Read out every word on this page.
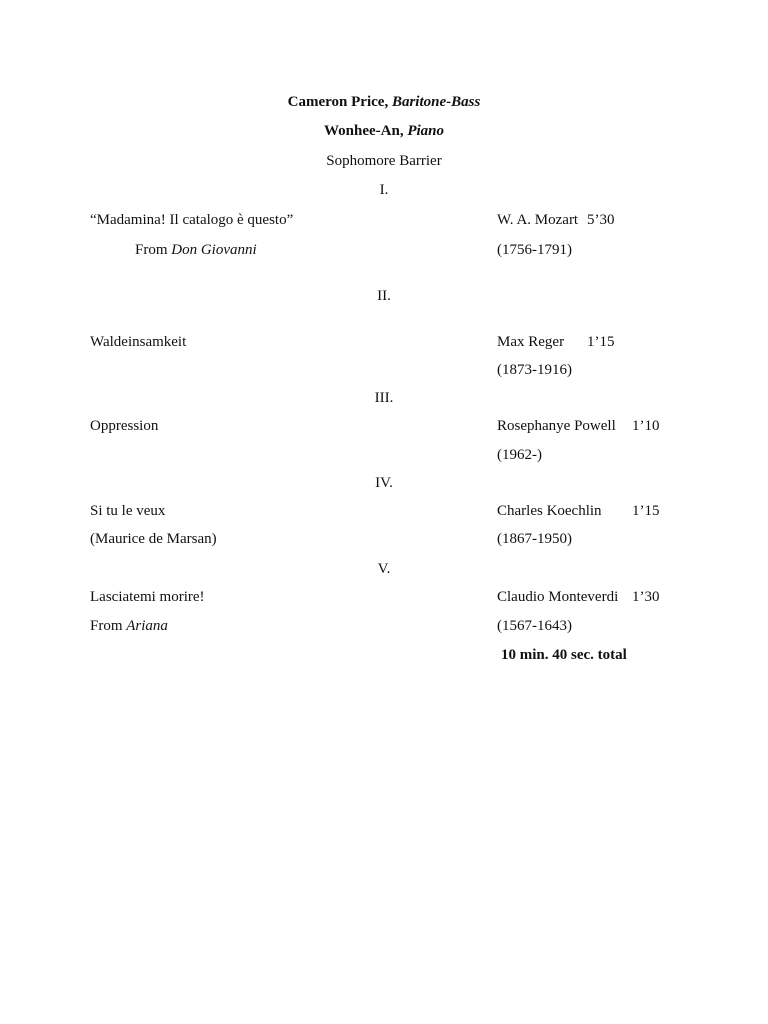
Cameron Price, Baritone-Bass
Wonhee-An, Piano
Sophomore Barrier
I.
“Madamina! Il catalogo è questo”	W. A. Mozart 5’30
From Don Giovanni	(1756-1791)
II.
Waldeinsamkeit	Max Reger 1’15
(1873-1916)
III.
Oppression	Rosephanye Powell 1’10
(1962-)
IV.
Si tu le veux	Charles Koechlin 1’15
(Maurice de Marsan)	(1867-1950)
V.
Lasciatemi morire!	Claudio Monteverdi 1’30
From Ariana	(1567-1643)
10 min. 40 sec. total
